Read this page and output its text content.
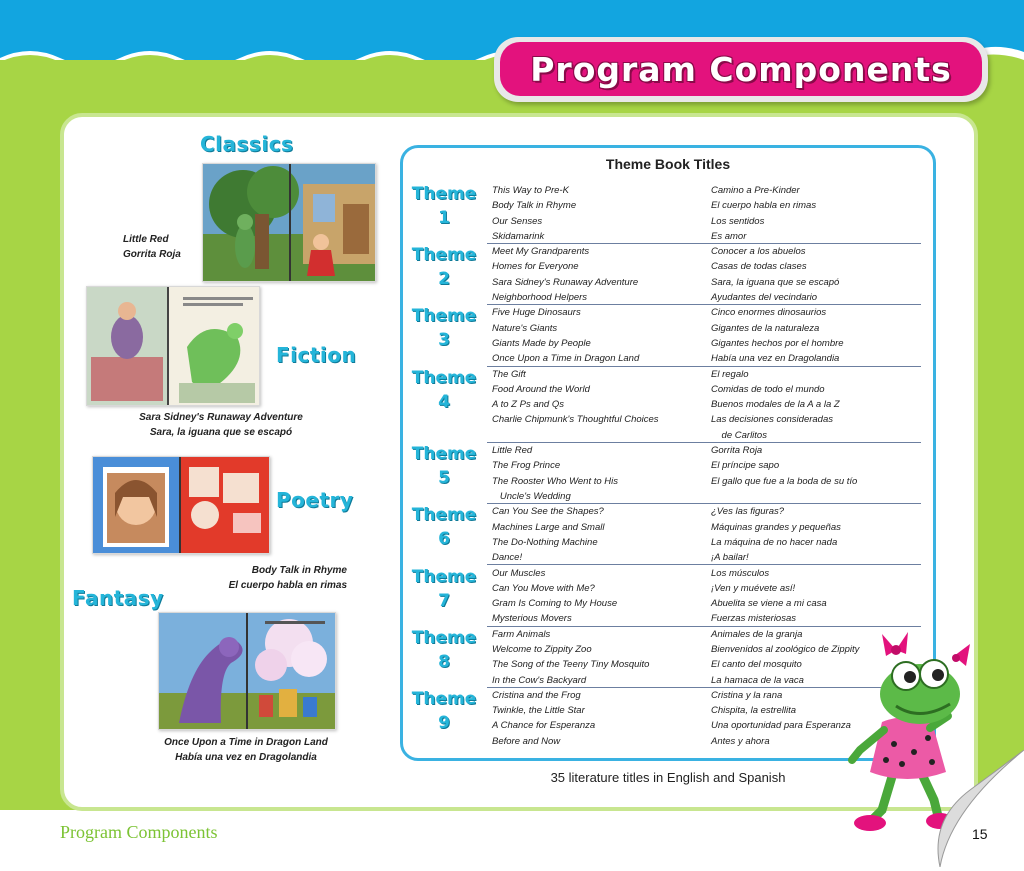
Program Components
Classics
Little Red
Gorrita Roja
Fiction
Sara Sidney's Runaway Adventure
Sara, la iguana que se escapó
Poetry
Body Talk in Rhyme
El cuerpo habla en rimas
Fantasy
Once Upon a Time in Dragon Land
Había una vez en Dragolandia
Theme Book Titles
Theme
1
This Way to Pre-K	Camino a Pre-Kinder
Body Talk in Rhyme	El cuerpo habla en rimas
Our Senses	Los sentidos
Skidamarink	Es amor
Theme
2
Meet My Grandparents	Conocer a los abuelos
Homes for Everyone	Casas de todas clases
Sara Sidney's Runaway Adventure	Sara, la iguana que se escapó
Neighborhood Helpers	Ayudantes del vecindario
Theme
3
Five Huge Dinosaurs	Cinco enormes dinosaurios
Nature's Giants	Gigantes de la naturaleza
Giants Made by People	Gigantes hechos por el hombre
Once Upon a Time in Dragon Land	Había una vez en Dragolandia
Theme
4
The Gift	El regalo
Food Around the World	Comidas de todo el mundo
A to Z Ps and Qs	Buenos modales de la A a la Z
Charlie Chipmunk's Thoughtful Choices	Las decisiones consideradas
de Carlitos
Theme
5
Little Red	Gorrita Roja
The Frog Prince	El príncipe sapo
The Rooster Who Went to His	El gallo que fue a la boda de su tío
Uncle's Wedding
Theme
6
Can You See the Shapes?	¿Ves las figuras?
Machines Large and Small	Máquinas grandes y pequeñas
The Do-Nothing Machine	La máquina de no hacer nada
Dance!	¡A bailar!
Theme
7
Our Muscles	Los músculos
Can You Move with Me?	¡Ven y muévete así!
Gram Is Coming to My House	Abuelita se viene a mi casa
Mysterious Movers	Fuerzas misteriosas
Theme
8
Farm Animals	Animales de la granja
Welcome to Zippity Zoo	Bienvenidos al zoológico de Zippity
The Song of the Teeny Tiny Mosquito	El canto del mosquito
In the Cow's Backyard	La hamaca de la vaca
Theme
9
Cristina and the Frog	Cristina y la rana
Twinkle, the Little Star	Chispita, la estrellita
A Chance for Esperanza	Una oportunidad para Esperanza
Before and Now	Antes y ahora
35 literature titles in English and Spanish
Program Components	15
